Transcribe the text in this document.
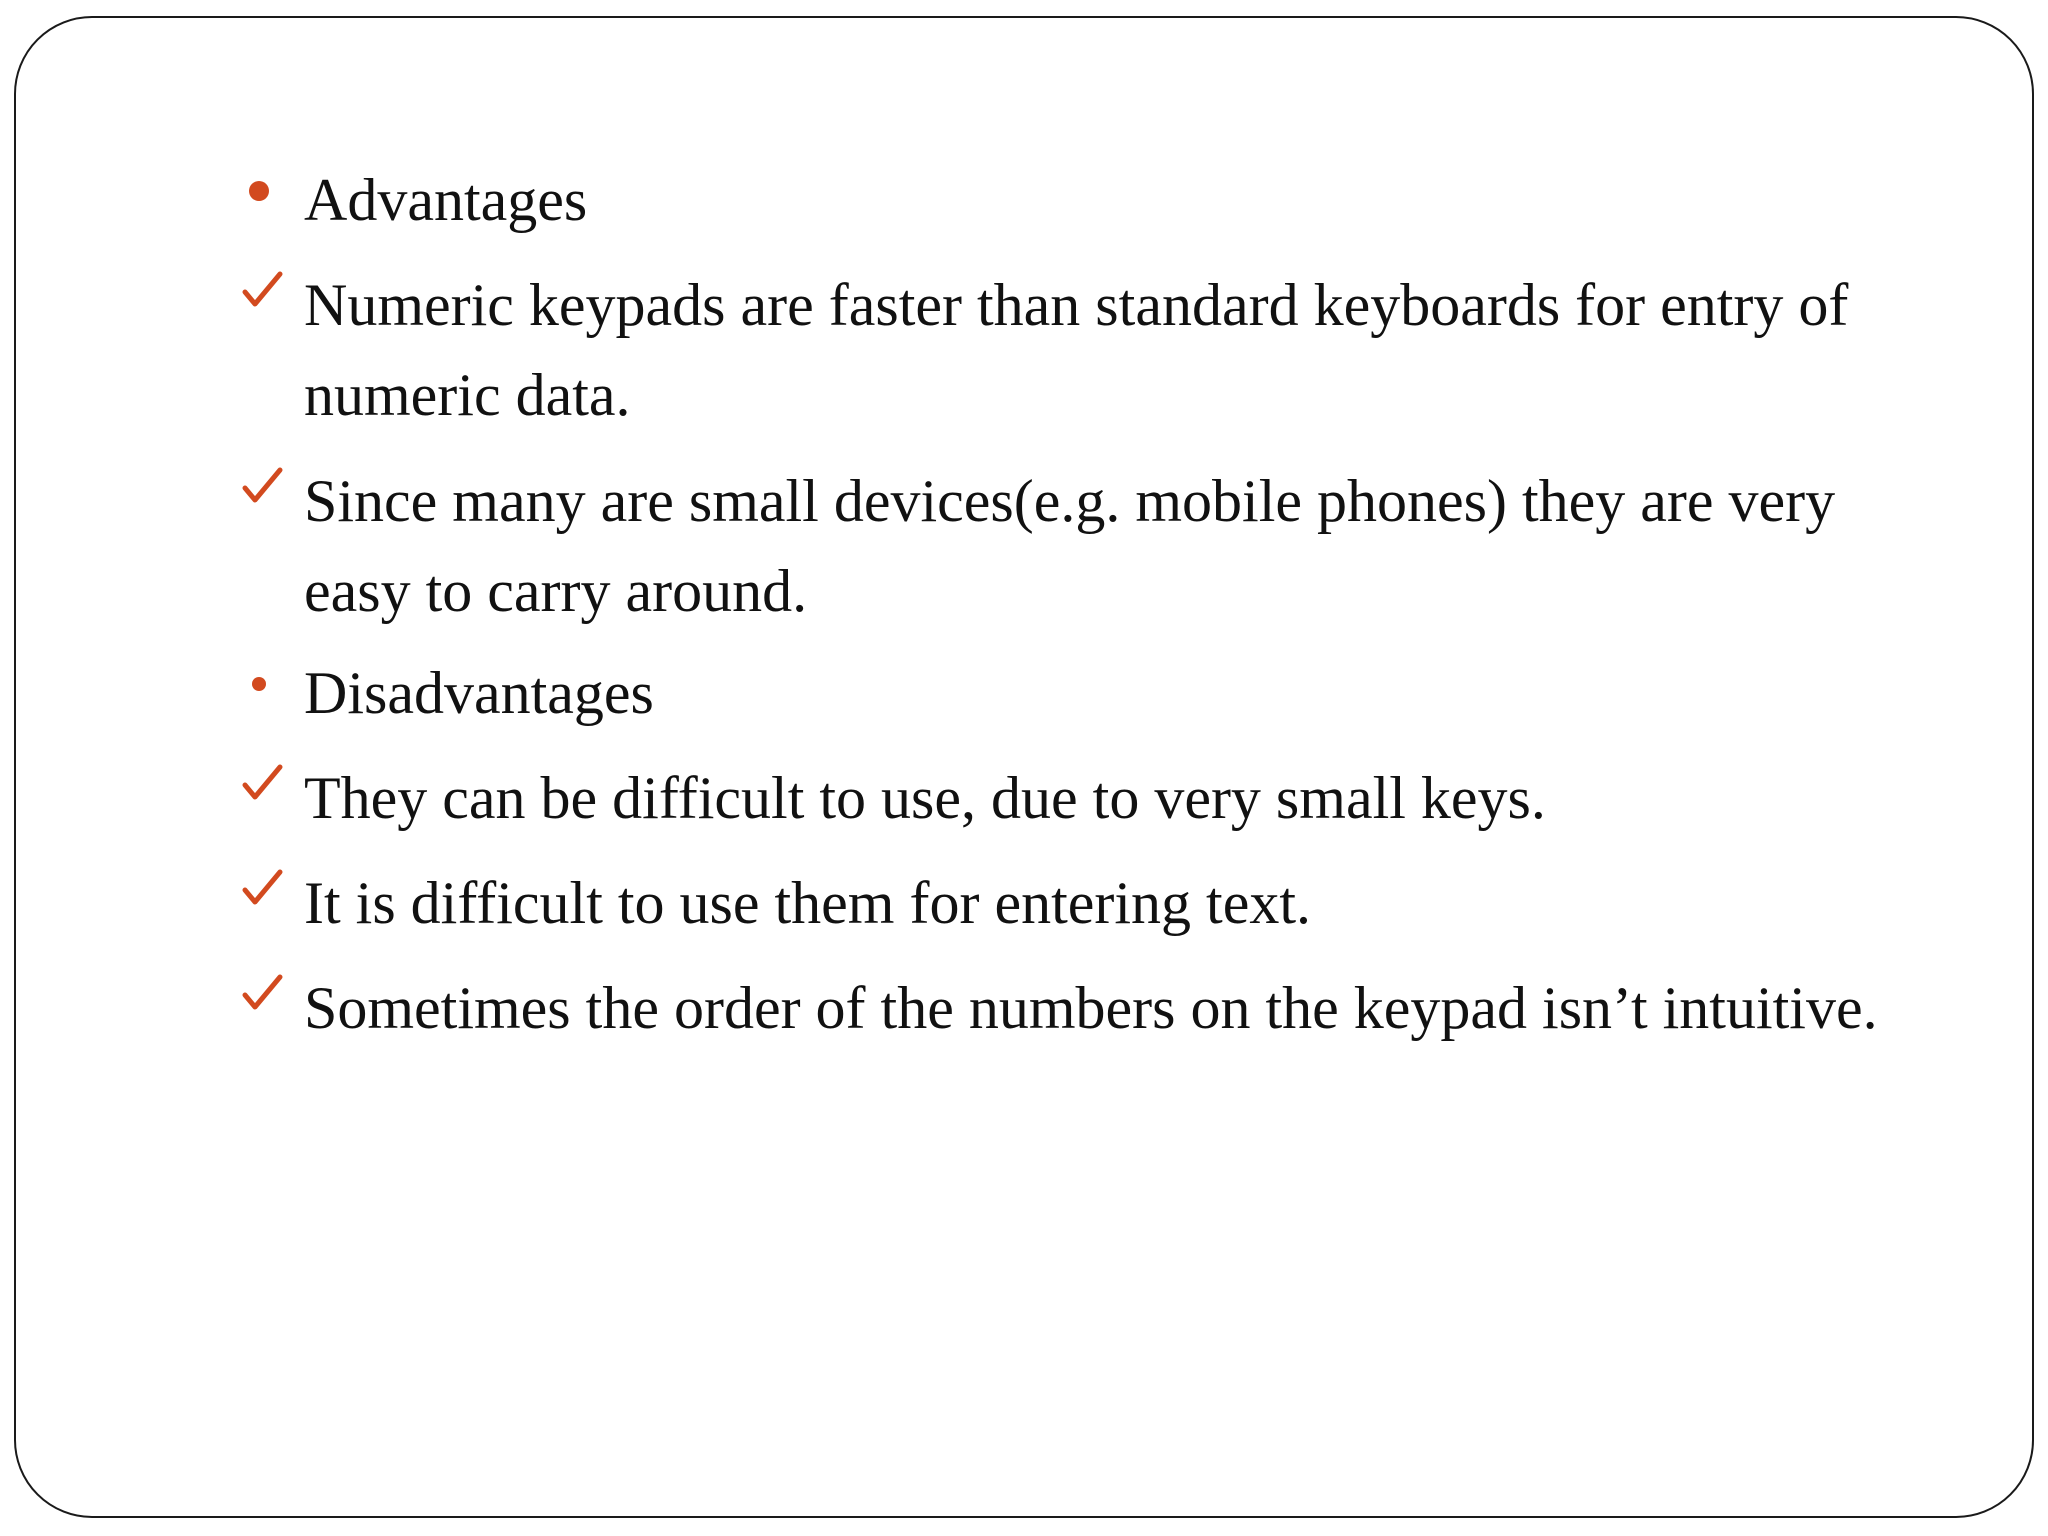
Advantages
Numeric keypads are faster than standard keyboards for entry of numeric data.
Since many are small devices(e.g. mobile phones) they are very easy to carry around.
Disadvantages
They can be difficult to use, due to very small keys.
It is difficult to use them for entering text.
Sometimes the order of the numbers on the keypad isn’t intuitive.
